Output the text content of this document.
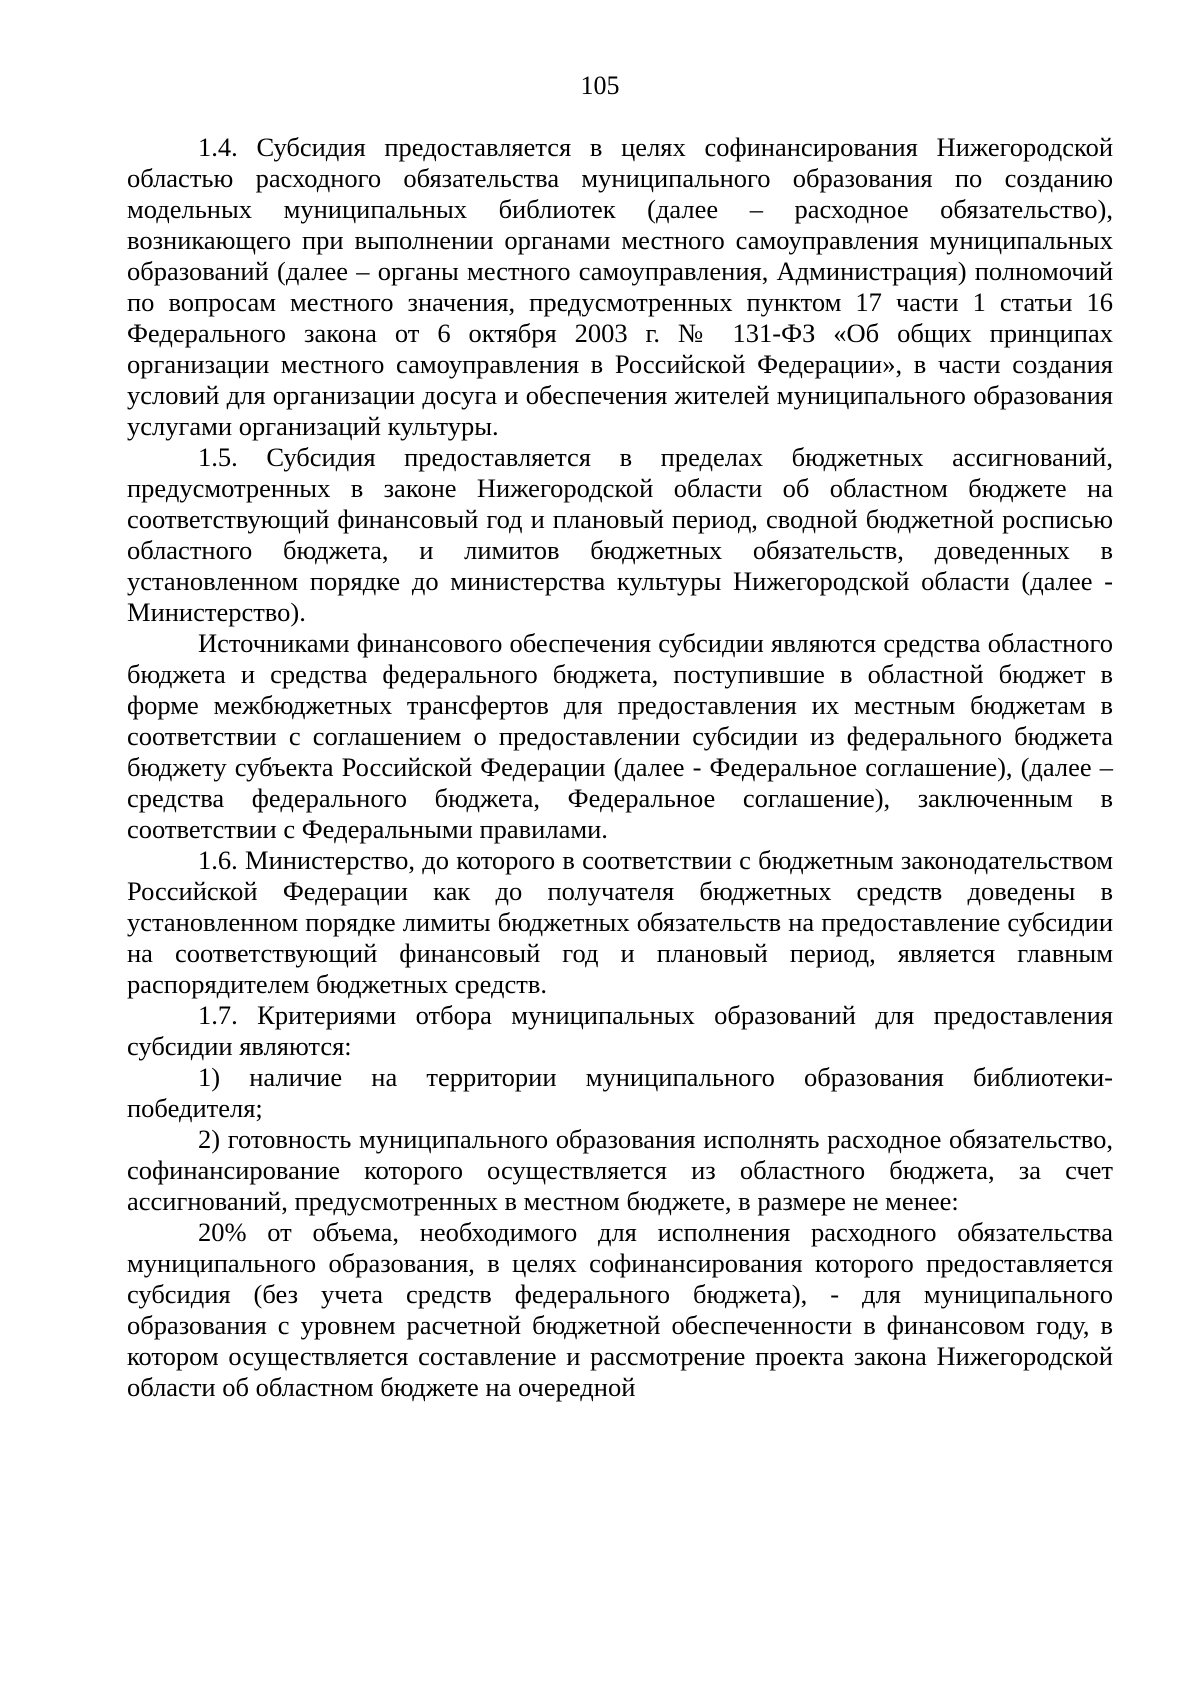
105

1.4. Субсидия предоставляется в целях софинансирования Нижегородской областью расходного обязательства муниципального образования по созданию модельных муниципальных библиотек (далее – расходное обязательство), возникающего при выполнении органами местного самоуправления муниципальных образований (далее – органы местного самоуправления, Администрация) полномочий по вопросам местного значения, предусмотренных пунктом 17 части 1 статьи 16 Федерального закона от 6 октября 2003 г. № 131-ФЗ «Об общих принципах организации местного самоуправления в Российской Федерации», в части создания условий для организации досуга и обеспечения жителей муниципального образования услугами организаций культуры.

1.5. Субсидия предоставляется в пределах бюджетных ассигнований, предусмотренных в законе Нижегородской области об областном бюджете на соответствующий финансовый год и плановый период, сводной бюджетной росписью областного бюджета, и лимитов бюджетных обязательств, доведенных в установленном порядке до министерства культуры Нижегородской области (далее - Министерство).

Источниками финансового обеспечения субсидии являются средства областного бюджета и средства федерального бюджета, поступившие в областной бюджет в форме межбюджетных трансфертов для предоставления их местным бюджетам в соответствии с соглашением о предоставлении субсидии из федерального бюджета бюджету субъекта Российской Федерации (далее - Федеральное соглашение), (далее – средства федерального бюджета, Федеральное соглашение), заключенным в соответствии с Федеральными правилами.

1.6. Министерство, до которого в соответствии с бюджетным законодательством Российской Федерации как до получателя бюджетных средств доведены в установленном порядке лимиты бюджетных обязательств на предоставление субсидии на соответствующий финансовый год и плановый период, является главным распорядителем бюджетных средств.

1.7. Критериями отбора муниципальных образований для предоставления субсидии являются:

1) наличие на территории муниципального образования библиотеки-победителя;

2) готовность муниципального образования исполнять расходное обязательство, софинансирование которого осуществляется из областного бюджета, за счет ассигнований, предусмотренных в местном бюджете, в размере не менее:

20% от объема, необходимого для исполнения расходного обязательства муниципального образования, в целях софинансирования которого предоставляется субсидия (без учета средств федерального бюджета), - для муниципального образования с уровнем расчетной бюджетной обеспеченности в финансовом году, в котором осуществляется составление и рассмотрение проекта закона Нижегородской области об областном бюджете на очередной
